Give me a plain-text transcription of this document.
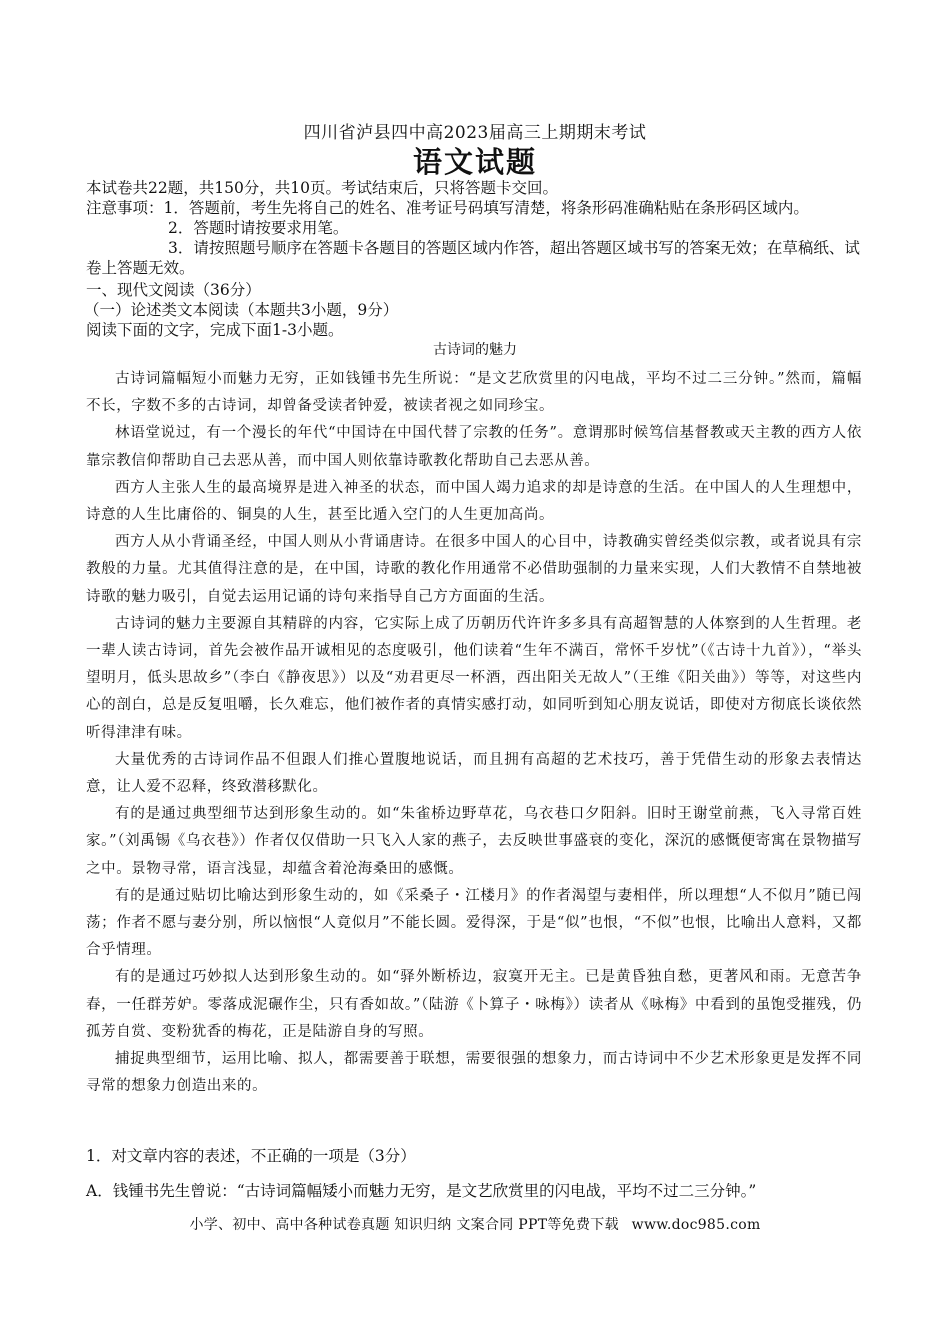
四川省泸县四中高2023届高三上期期末考试
语文试题
本试卷共22题，共150分，共10页。考试结束后，只将答题卡交回。
注意事项：1．答题前，考生先将自己的姓名、准考证号码填写清楚，将条形码准确粘贴在条形码区域内。
2．答题时请按要求用笔。
3．请按照题号顺序在答题卡各题目的答题区域内作答，超出答题区域书写的答案无效；在草稿纸、试卷上答题无效。
一、现代文阅读（36分）
（一）论述类文本阅读（本题共3小题，9分）
阅读下面的文字，完成下面1-3小题。
古诗词的魅力

古诗词篇幅短小而魅力无穷，正如钱锺书先生所说：“是文艺欣赏里的闪电战，平均不过二三分钟。”然而，篇幅不长，字数不多的古诗词，却曾备受读者钟爱，被读者视之如同珍宝。

林语堂说过，有一个漫长的年代“中国诗在中国代替了宗教的任务”。意谓那时候笃信基督教或天主教的西方人依靠宗教信仰帮助自己去恶从善，而中国人则依靠诗歌教化帮助自己去恶从善。

西方人主张人生的最高境界是进入神圣的状态，而中国人竭力追求的却是诗意的生活。在中国人的人生理想中，诗意的人生比庸俗的、铜臭的人生，甚至比遁入空门的人生更加高尚。

西方人从小背诵圣经，中国人则从小背诵唐诗。在很多中国人的心目中，诗教确实曾经类似宗教，或者说具有宗教般的力量。尤其值得注意的是，在中国，诗歌的教化作用通常不必借助强制的力量来实现，人们大教情不自禁地被诗歌的魅力吸引，自觉去运用记诵的诗句来指导自己方方面面的生活。

古诗词的魅力主要源自其精辟的内容，它实际上成了历朝历代许许多多具有高超智慧的人体察到的人生哲理。老一辈人读古诗词，首先会被作品开诚相见的态度吸引，他们读着“生年不满百，常怀千岁忧”（《古诗十九首》），“举头望明月，低头思故乡”（李白《静夜思》）以及“劝君更尽一杯酒，西出阳关无故人”（王维《阳关曲》）等等，对这些内心的剖白，总是反复咀嚼，长久难忘，他们被作者的真情实感打动，如同听到知心朋友说话，即使对方彻底长谈依然听得津津有味。

大量优秀的古诗词作品不但跟人们推心置腹地说话，而且拥有高超的艺术技巧，善于凭借生动的形象去表情达意，让人爱不忍释，终致潜移默化。

有的是通过典型细节达到形象生动的。如“朱雀桥边野草花，乌衣巷口夕阳斜。旧时王谢堂前燕，飞入寻常百姓家。”（刘禹锡《乌衣巷》）作者仅仅借助一只飞入人家的燕子，去反映世事盛衰的变化，深沉的感慨便寄寓在景物描写之中。景物寻常，语言浅显，却蕴含着沧海桑田的感慨。

有的是通过贴切比喻达到形象生动的，如《采桑子・江楼月》的作者渴望与妻相伴，所以理想“人不似月”随已闯荡；作者不愿与妻分别，所以恼恨“人竟似月”不能长圆。爱得深，于是“似”也恨，“不似”也恨，比喻出人意料，又都合乎情理。

有的是通过巧妙拟人达到形象生动的。如“驿外断桥边，寂寞开无主。已是黄昏独自愁，更著风和雨。无意苦争春，一任群芳妒。零落成泥碾作尘，只有香如故。”（陆游《卜算子・咏梅》）读者从《咏梅》中看到的虽饱受摧残，仍孤芳自赏、变粉犹香的梅花，正是陆游自身的写照。

捕捉典型细节，运用比喻、拟人，都需要善于联想，需要很强的想象力，而古诗词中不少艺术形象更是发挥不同寻常的想象力创造出来的。

1．对文章内容的表述，不正确的一项是（3分）
A．钱锺书先生曾说：“古诗词篇幅矮小而魅力无穷，是文艺欣赏里的闪电战，平均不过二三分钟。”
小学、初中、高中各种试卷真题 知识归纳 文案合同 PPT等免费下载 www.doc985.com
